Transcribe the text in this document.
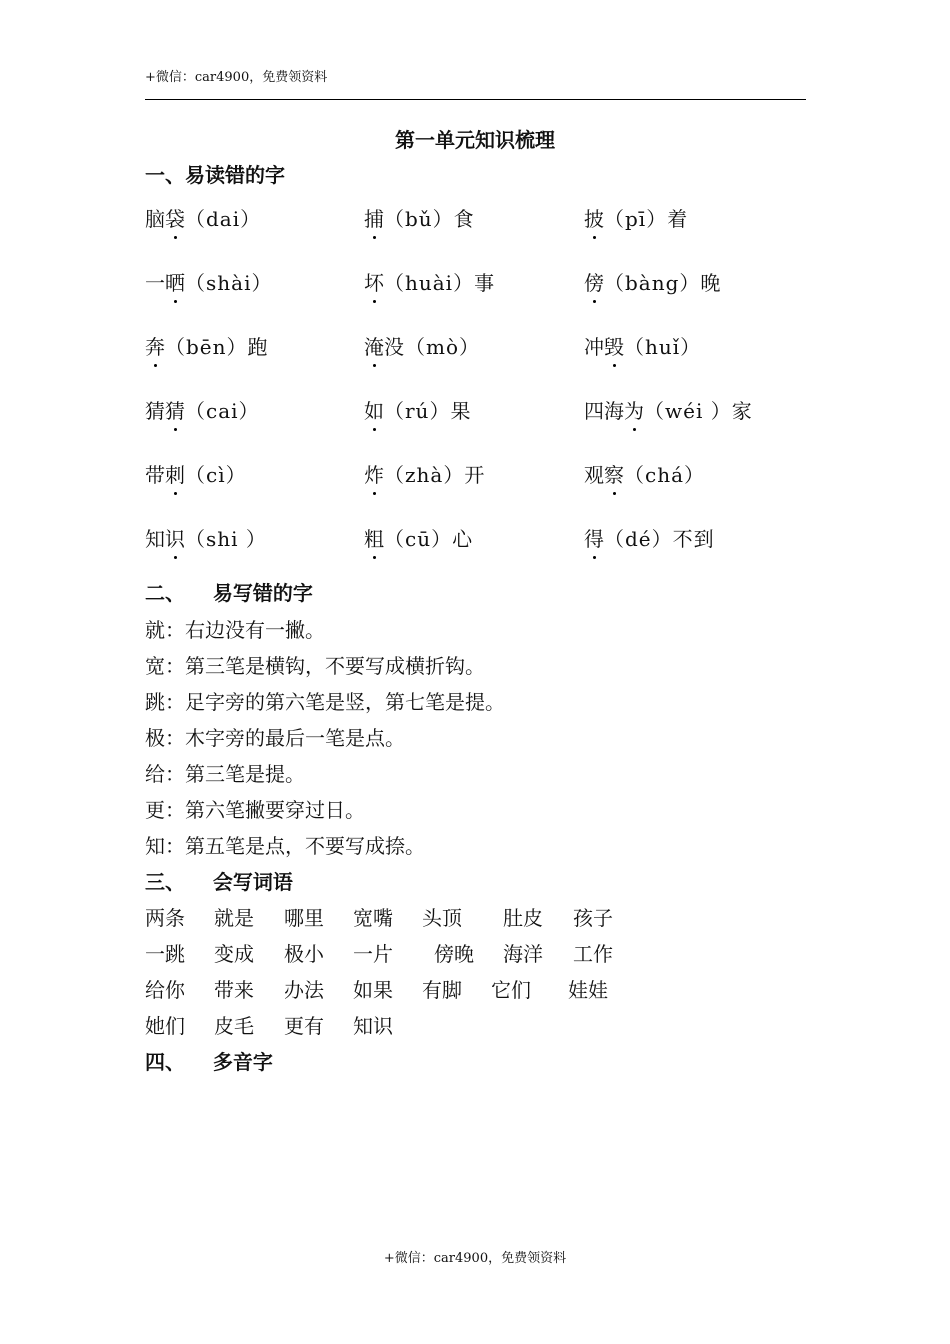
+微信：car4900，免费领资料
第一单元知识梳理
一、易读错的字
脑袋（dai）	捕（bǔ）食	披（pī）着
一晒（shài）	坏（huài）事	傍（bàng）晚
奔（bēn）跑	淹没（mò）	冲毁（huǐ）
猜猜（cai）	如（rú）果	四海为（wéi ）家
带刺（cì）	炸（zhà）开	观察（chá）
知识（shi ）	粗（cū）心	得（dé）不到
二、    易写错的字
就：右边没有一撇。
宽：第三笔是横钩，不要写成横折钩。
跳：足字旁的第六笔是竖，第七笔是提。
极：木字旁的最后一笔是点。
给：第三笔是提。
更：第六笔撇要穿过日。
知：第五笔是点，不要写成捺。
三、    会写词语
两条 就是 哪里 宽嘴 头顶 肚皮 孩子
一跳 变成 极小 一片 傍晚 海洋 工作
给你 带来 办法 如果 有脚 它们 娃娃
她们 皮毛 更有 知识
四、    多音字
+微信：car4900，免费领资料
